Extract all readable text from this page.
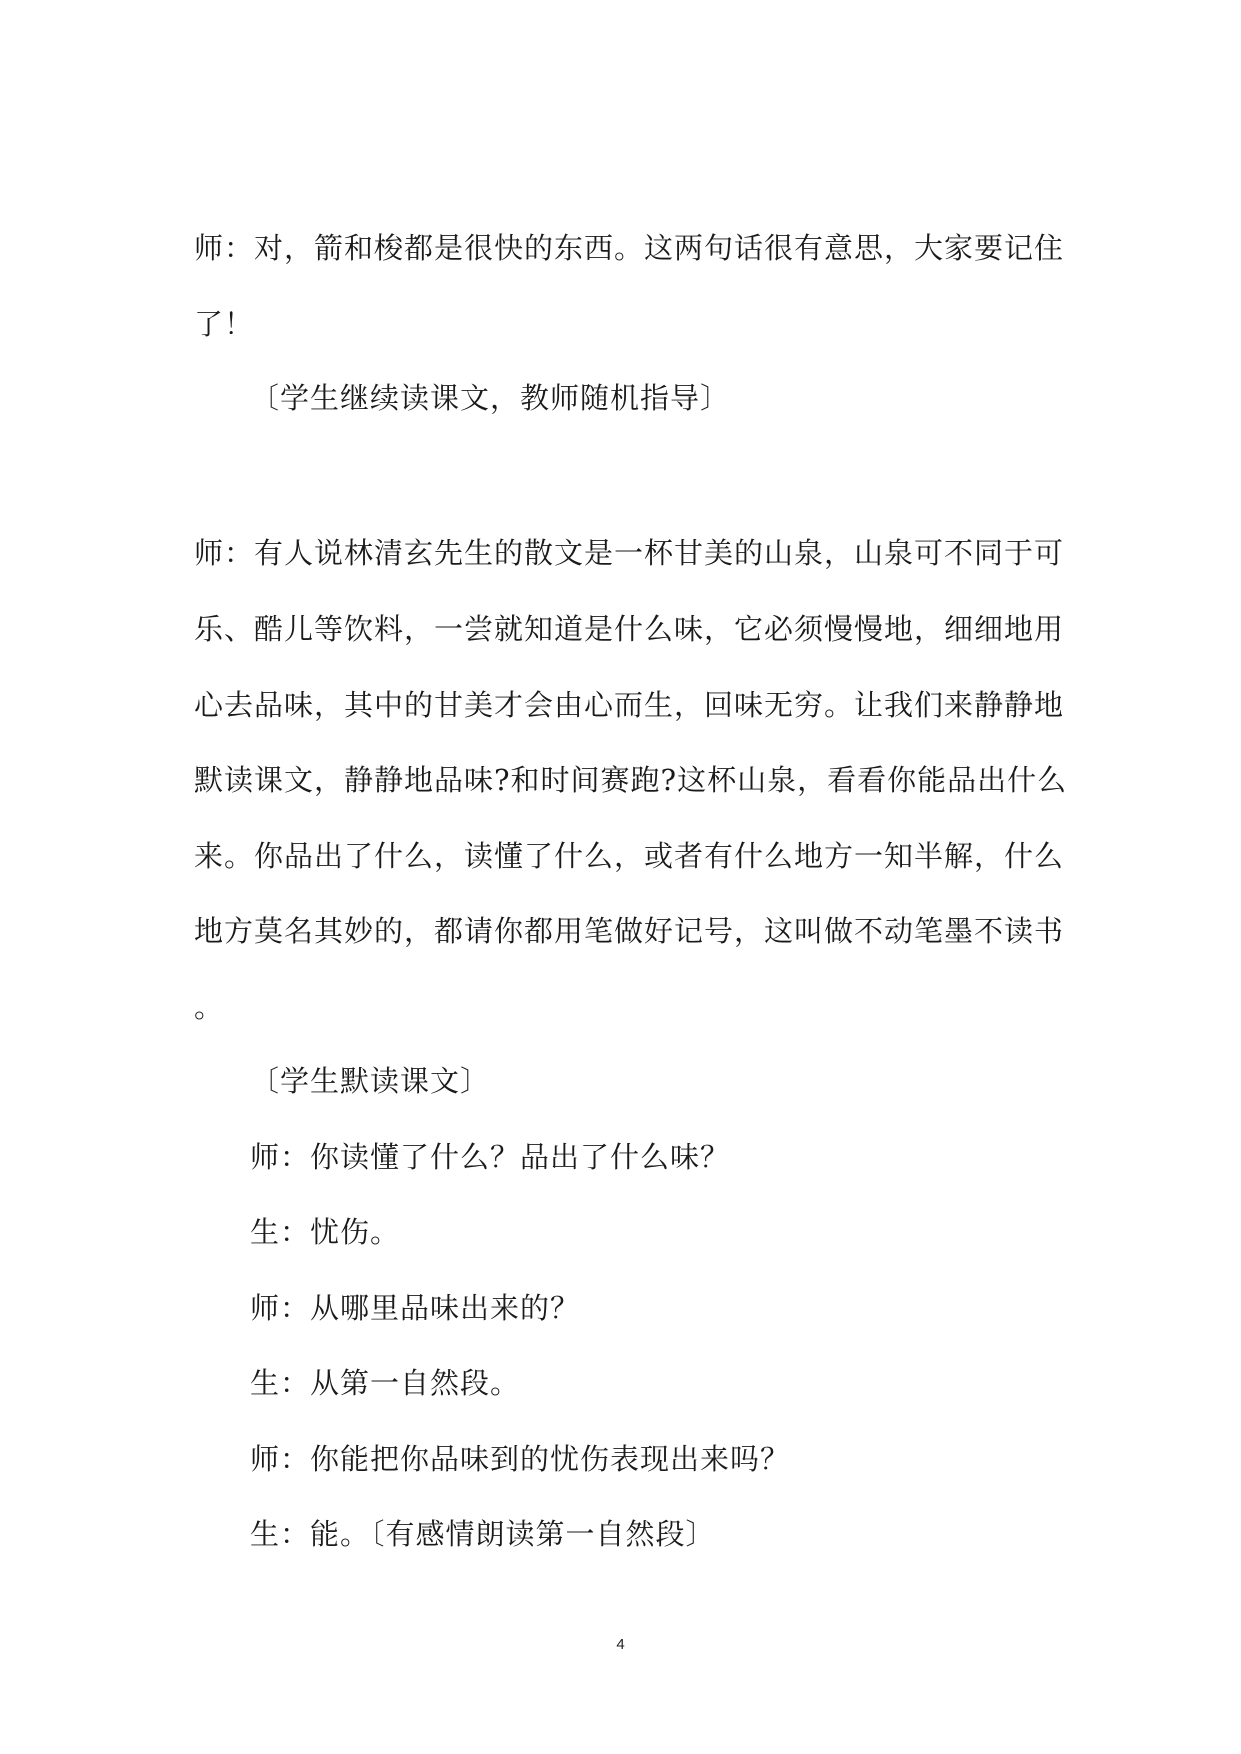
师：对，箭和梭都是很快的东西。这两句话很有意思，大家要记住
了！
〔学生继续读课文，教师随机指导〕
师：有人说林清玄先生的散文是一杯甘美的山泉，山泉可不同于可
乐、酷儿等饮料，一尝就知道是什么味，它必须慢慢地，细细地用
心去品味，其中的甘美才会由心而生，回味无穷。让我们来静静地
默读课文，静静地品味?和时间赛跑?这杯山泉，看看你能品出什么
来。你品出了什么，读懂了什么，或者有什么地方一知半解，什么
地方莫名其妙的，都请你都用笔做好记号，这叫做不动笔墨不读书
。
〔学生默读课文〕
师：你读懂了什么？品出了什么味？
生：忧伤。
师：从哪里品味出来的？
生：从第一自然段。
师：你能把你品味到的忧伤表现出来吗？
生：能。〔有感情朗读第一自然段〕
4
